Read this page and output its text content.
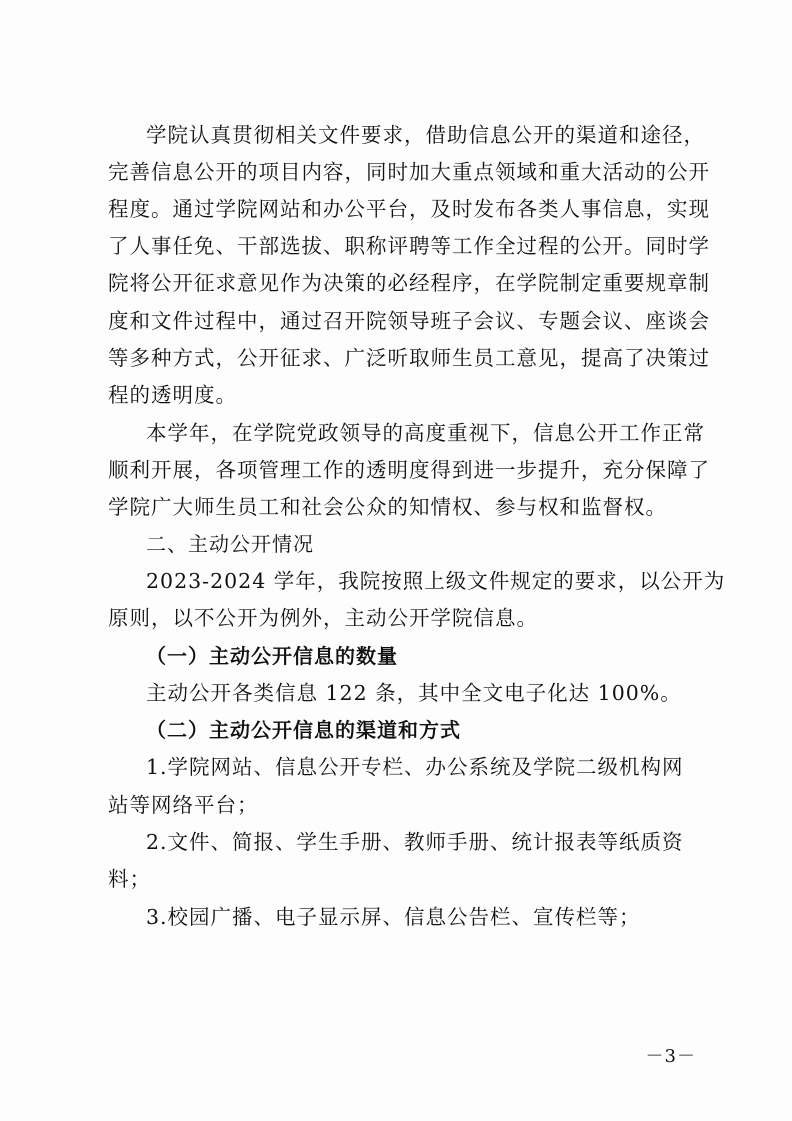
学院认真贯彻相关文件要求，借助信息公开的渠道和途径，
完善信息公开的项目内容，同时加大重点领域和重大活动的公开
程度。通过学院网站和办公平台，及时发布各类人事信息，实现
了人事任免、干部选拔、职称评聘等工作全过程的公开。同时学
院将公开征求意见作为决策的必经程序，在学院制定重要规章制
度和文件过程中，通过召开院领导班子会议、专题会议、座谈会
等多种方式，公开征求、广泛听取师生员工意见，提高了决策过
程的透明度。
本学年，在学院党政领导的高度重视下，信息公开工作正常
顺利开展，各项管理工作的透明度得到进一步提升，充分保障了
学院广大师生员工和社会公众的知情权、参与权和监督权。
二、主动公开情况
2023-2024 学年，我院按照上级文件规定的要求，以公开为
原则，以不公开为例外，主动公开学院信息。
（一）主动公开信息的数量
主动公开各类信息 122 条，其中全文电子化达 100%。
（二）主动公开信息的渠道和方式
1.学院网站、信息公开专栏、办公系统及学院二级机构网
站等网络平台；
2.文件、简报、学生手册、教师手册、统计报表等纸质资
料；
3.校园广播、电子显示屏、信息公告栏、宣传栏等；
－3－
